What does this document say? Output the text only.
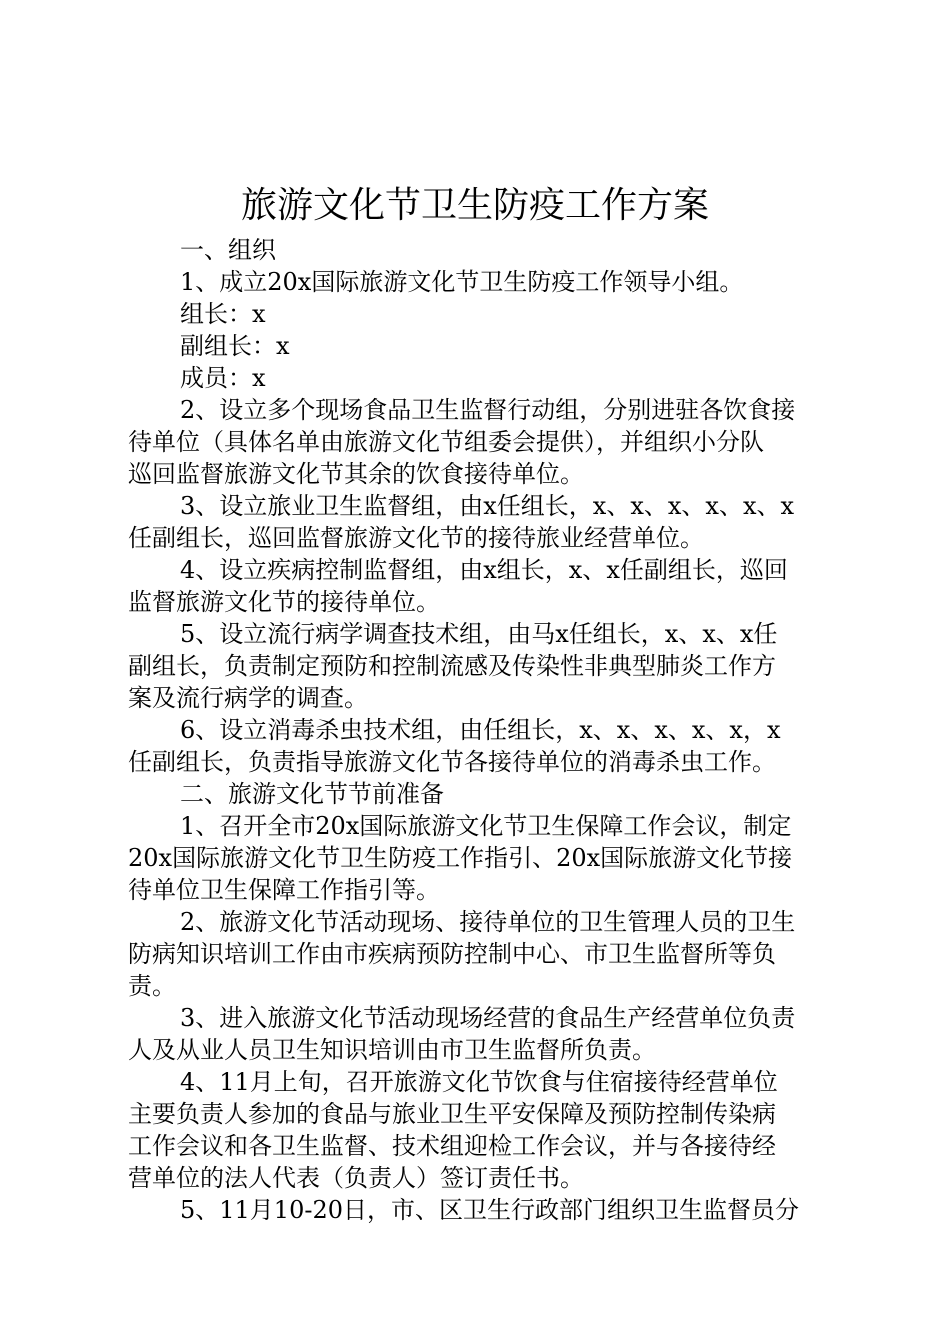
旅游文化节卫生防疫工作方案
一、组织
1、成立20x国际旅游文化节卫生防疫工作领导小组。
组长：x
副组长：x
成员：x
2、设立多个现场食品卫生监督行动组，分别进驻各饮食接
待单位（具体名单由旅游文化节组委会提供），并组织小分队
巡回监督旅游文化节其余的饮食接待单位。
3、设立旅业卫生监督组，由x任组长，x、x、x、x、x、x
任副组长，巡回监督旅游文化节的接待旅业经营单位。
4、设立疾病控制监督组，由x组长，x、x任副组长，巡回
监督旅游文化节的接待单位。
5、设立流行病学调查技术组，由马x任组长，x、x、x任
副组长，负责制定预防和控制流感及传染性非典型肺炎工作方
案及流行病学的调查。
6、设立消毒杀虫技术组，由任组长，x、x、x、x、x，x
任副组长，负责指导旅游文化节各接待单位的消毒杀虫工作。
二、旅游文化节节前准备
1、召开全市20x国际旅游文化节卫生保障工作会议，制定
20x国际旅游文化节卫生防疫工作指引、20x国际旅游文化节接
待单位卫生保障工作指引等。
2、旅游文化节活动现场、接待单位的卫生管理人员的卫生
防病知识培训工作由市疾病预防控制中心、市卫生监督所等负
责。
3、进入旅游文化节活动现场经营的食品生产经营单位负责
人及从业人员卫生知识培训由市卫生监督所负责。
4、11月上旬，召开旅游文化节饮食与住宿接待经营单位
主要负责人参加的食品与旅业卫生平安保障及预防控制传染病
工作会议和各卫生监督、技术组迎检工作会议，并与各接待经
营单位的法人代表（负责人）签订责任书。
5、11月10-20日，市、区卫生行政部门组织卫生监督员分
